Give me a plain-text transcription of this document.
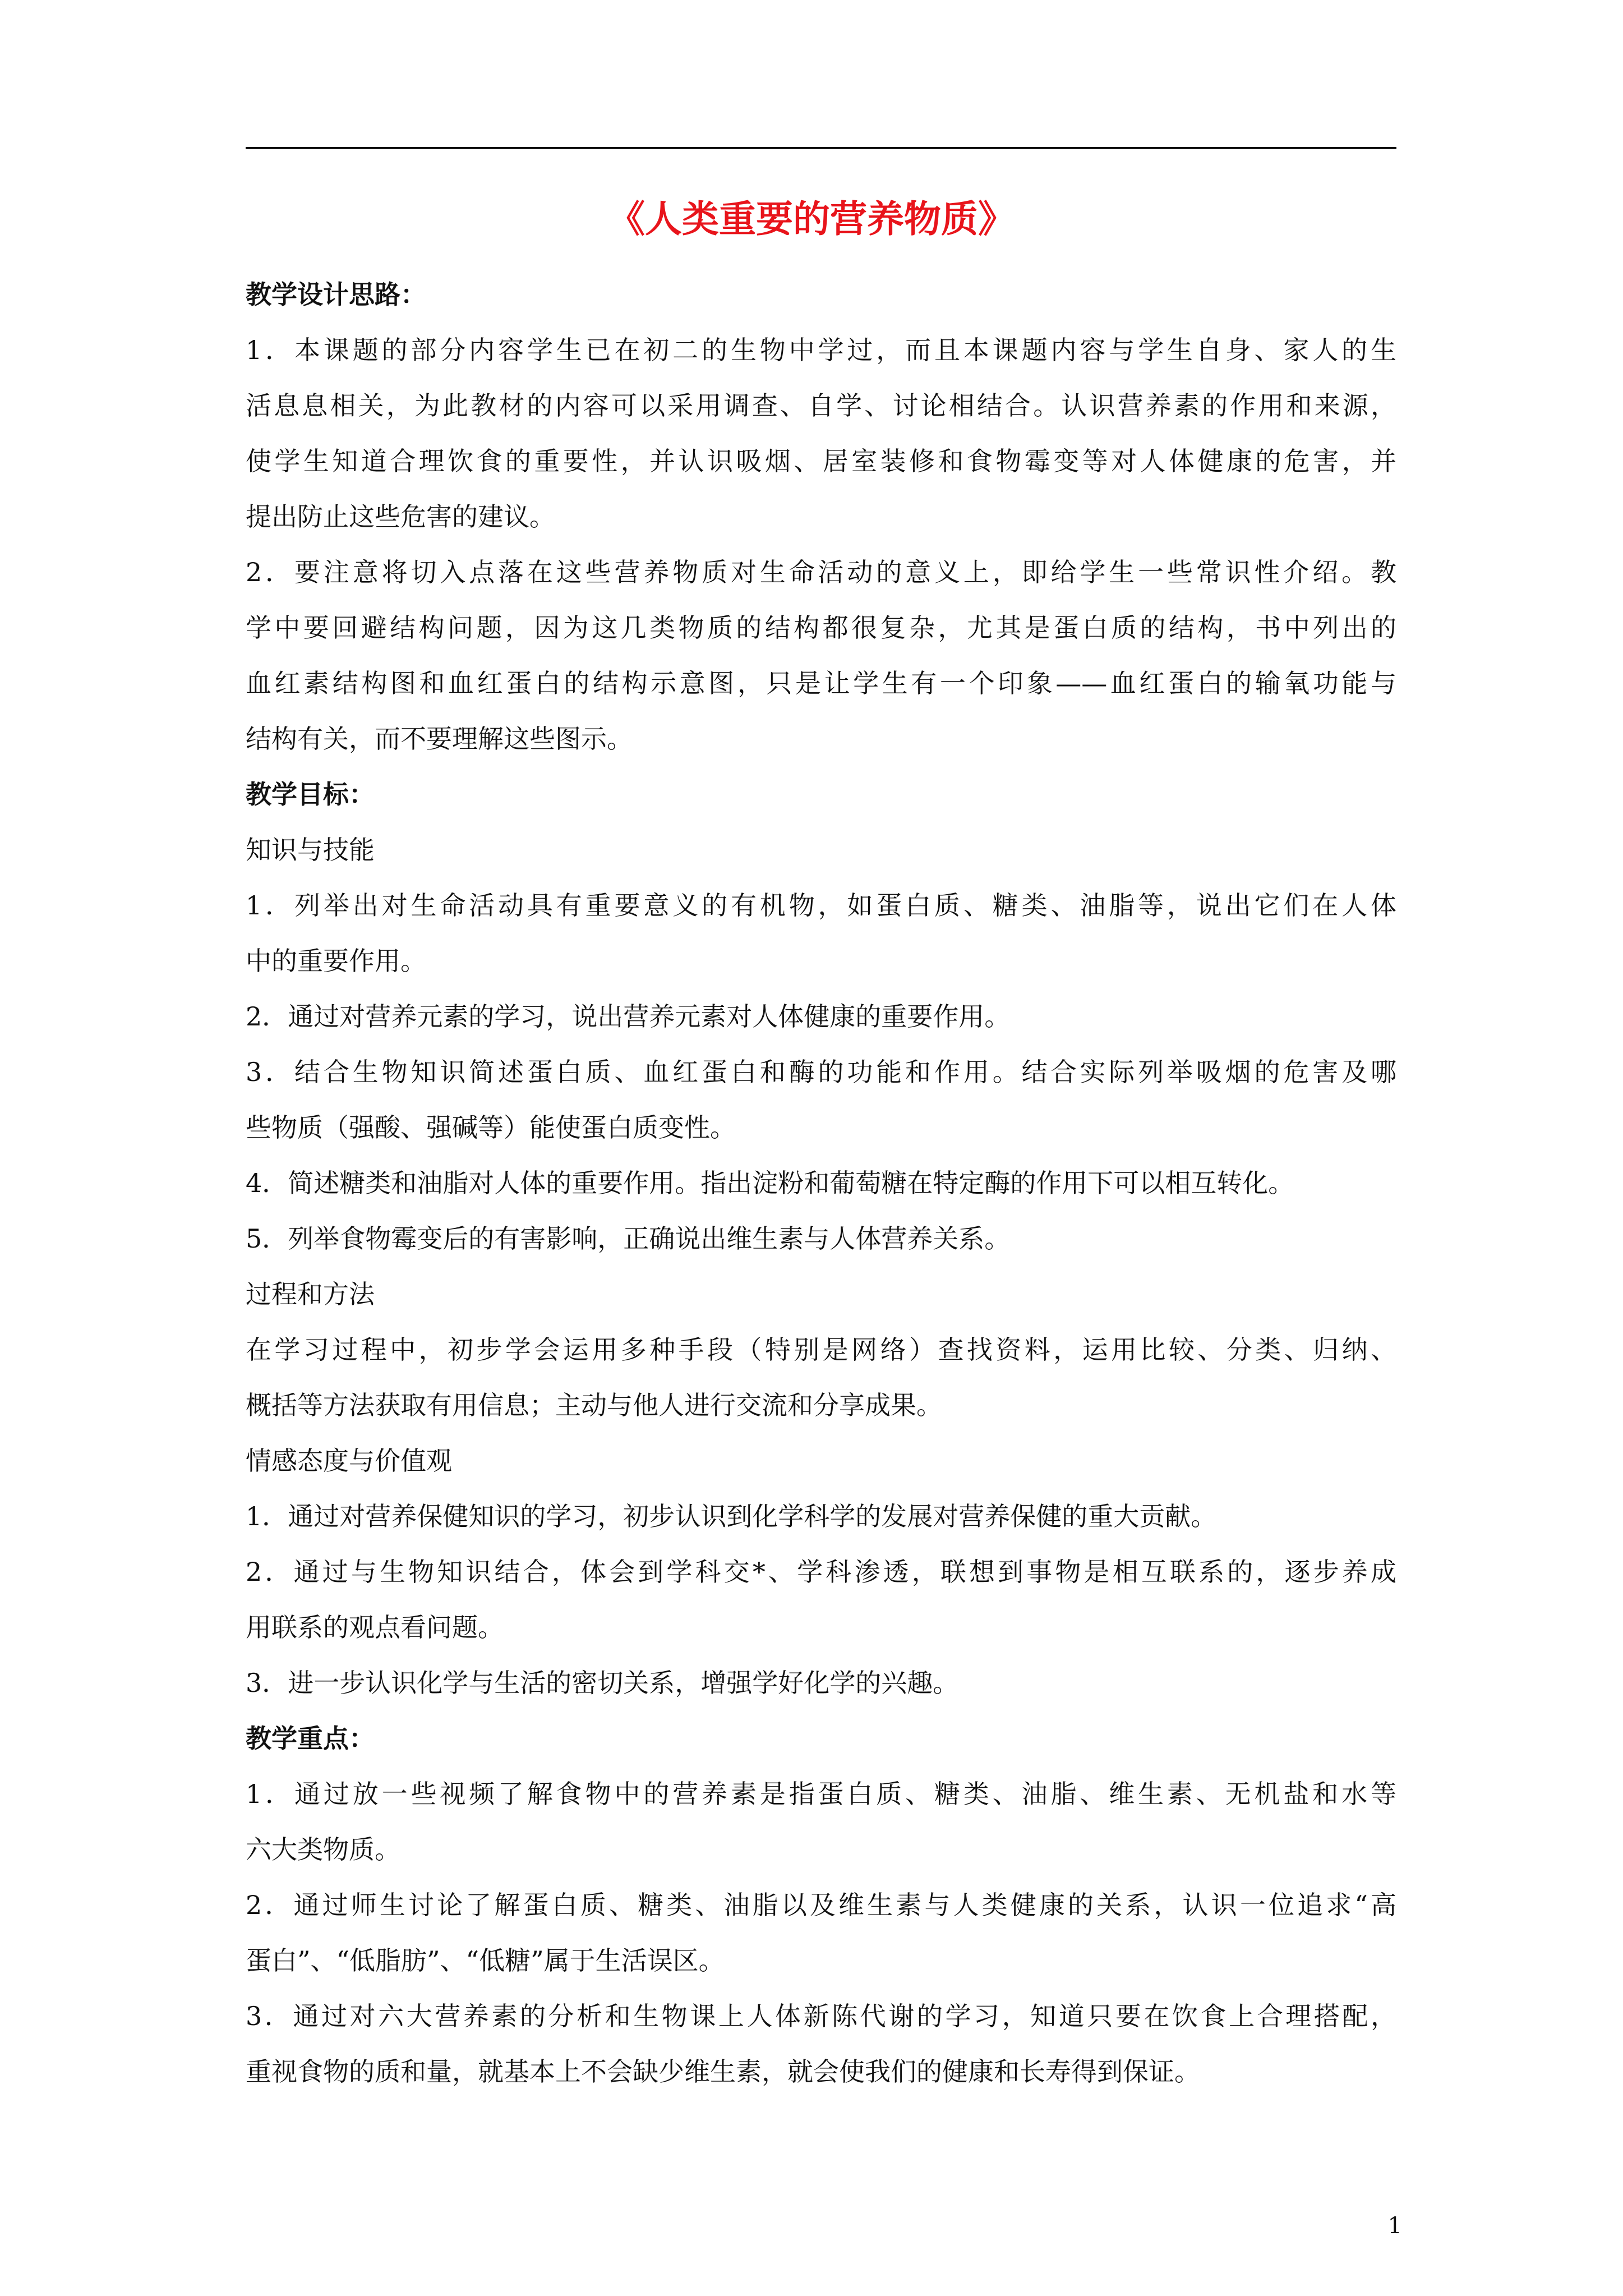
《人类重要的营养物质》

教学设计思路：

1．本课题的部分内容学生已在初二的生物中学过，而且本课题内容与学生自身、家人的生

活息息相关，为此教材的内容可以采用调查、自学、讨论相结合。认识营养素的作用和来源，

使学生知道合理饮食的重要性，并认识吸烟、居室装修和食物霉变等对人体健康的危害，并

提出防止这些危害的建议。

2．要注意将切入点落在这些营养物质对生命活动的意义上，即给学生一些常识性介绍。教

学中要回避结构问题，因为这几类物质的结构都很复杂，尤其是蛋白质的结构，书中列出的

血红素结构图和血红蛋白的结构示意图，只是让学生有一个印象——血红蛋白的输氧功能与

结构有关，而不要理解这些图示。

教学目标：

知识与技能

1．列举出对生命活动具有重要意义的有机物，如蛋白质、糖类、油脂等，说出它们在人体

中的重要作用。

2．通过对营养元素的学习，说出营养元素对人体健康的重要作用。

3．结合生物知识简述蛋白质、血红蛋白和酶的功能和作用。结合实际列举吸烟的危害及哪

些物质（强酸、强碱等）能使蛋白质变性。

4．简述糖类和油脂对人体的重要作用。指出淀粉和葡萄糖在特定酶的作用下可以相互转化。

5．列举食物霉变后的有害影响，正确说出维生素与人体营养关系。

过程和方法

在学习过程中，初步学会运用多种手段（特别是网络）查找资料，运用比较、分类、归纳、

概括等方法获取有用信息；主动与他人进行交流和分享成果。

情感态度与价值观

1．通过对营养保健知识的学习，初步认识到化学科学的发展对营养保健的重大贡献。

2．通过与生物知识结合，体会到学科交*、学科渗透，联想到事物是相互联系的，逐步养成

用联系的观点看问题。

3．进一步认识化学与生活的密切关系，增强学好化学的兴趣。

教学重点：

1．通过放一些视频了解食物中的营养素是指蛋白质、糖类、油脂、维生素、无机盐和水等

六大类物质。

2．通过师生讨论了解蛋白质、糖类、油脂以及维生素与人类健康的关系，认识一位追求“高

蛋白”、“低脂肪”、“低糖”属于生活误区。

3．通过对六大营养素的分析和生物课上人体新陈代谢的学习，知道只要在饮食上合理搭配，

重视食物的质和量，就基本上不会缺少维生素，就会使我们的健康和长寿得到保证。

1
